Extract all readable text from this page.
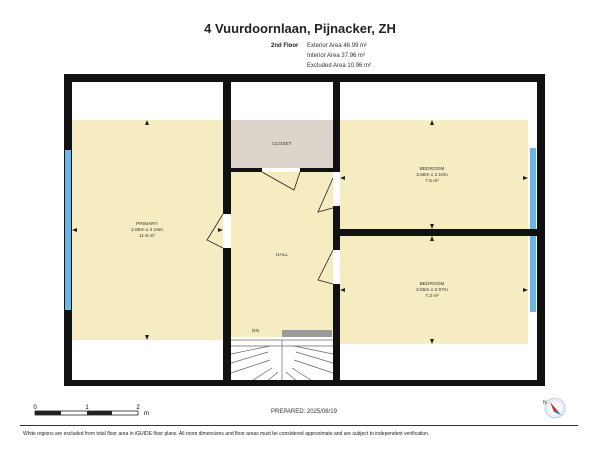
4 Vuurdoornlaan, Pijnacker, ZH
2nd Floor Exterior Area 46.99 m²
Interior Area 37.96 m²
Excluded Area 10.96 m²
PRIMARY
2.85m x 4.19m
11.9 m²
CLOSET
HALL
BEDROOM
3.58m x 2.10m
7.5 m²
BEDROOM
3.55m x 2.07m
7.3 m²
DN
0	1	2
m
N
PREPARED: 2025/08/19
White regions are excluded from total floor area in iGUIDE floor plans. All room dimensions and floor areas must be considered approximate and are subject to independent verification.
